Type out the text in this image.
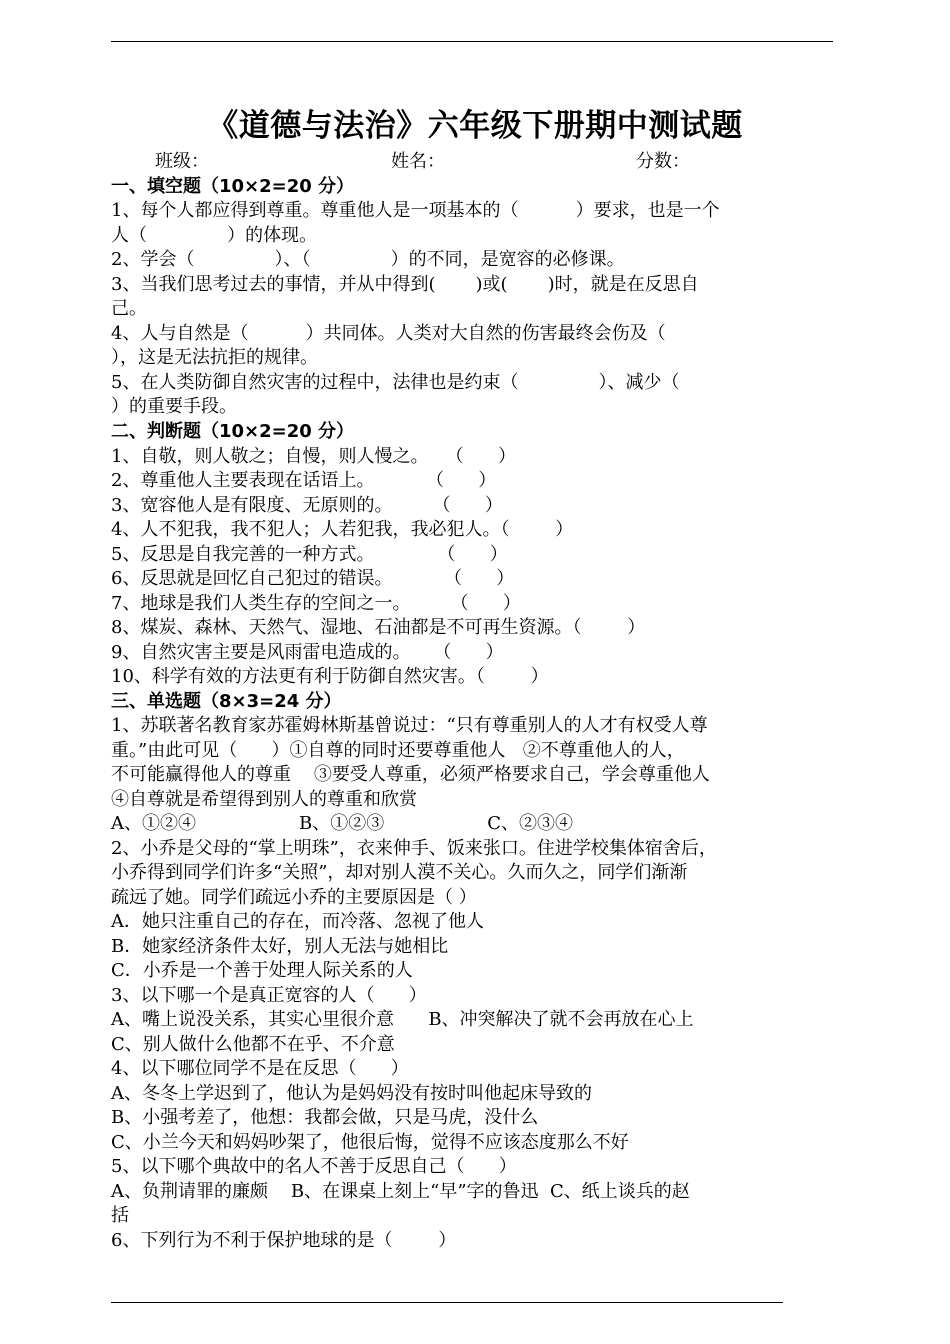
《道德与法治》六年级下册期中测试题
班级：	姓名：	分数：
一、填空题（10×2=20 分）
1、每个人都应得到尊重。尊重他人是一项基本的（          ）要求，也是一个
人（              ）的体现。
2、学会（              ）、（              ）的不同，是宽容的必修课。
3、当我们思考过去的事情，并从中得到(       )或(       )时，就是在反思自
己。
4、人与自然是（          ）共同体。人类对大自然的伤害最终会伤及（
），这是无法抗拒的规律。
5、在人类防御自然灾害的过程中，法律也是约束（              ）、减少（
）的重要手段。
二、判断题（10×2=20 分）
1、自敬，则人敬之；自慢，则人慢之。   （      ）
2、尊重他人主要表现在话语上。         （      ）
3、宽容他人是有限度、无原则的。       （      ）
4、人不犯我，我不犯人；人若犯我，我必犯人。（        ）
5、反思是自我完善的一种方式。           （      ）
6、反思就是回忆自己犯过的错误。         （      ）
7、地球是我们人类生存的空间之一。       （      ）
8、煤炭、森林、天然气、湿地、石油都是不可再生资源。（        ）
9、自然灾害主要是风雨雷电造成的。    （      ）
10、科学有效的方法更有利于防御自然灾害。（        ）
三、单选题（8×3=24 分）
1、苏联著名教育家苏霍姆林斯基曾说过：“只有尊重别人的人才有权受人尊
重。”由此可见（      ）①自尊的同时还要尊重他人   ②不尊重他人的人，
不可能赢得他人的尊重    ③要受人尊重，必须严格要求自己，学会尊重他人
④自尊就是希望得到别人的尊重和欣赏
A、①②④                  B、①②③                  C、②③④
2、小乔是父母的“掌上明珠”，衣来伸手、饭来张口。住进学校集体宿舍后，
小乔得到同学们许多“关照”，却对别人漠不关心。久而久之，同学们渐渐
疏远了她。同学们疏远小乔的主要原因是（ ）
A．她只注重自己的存在，而冷落、忽视了他人
B．她家经济条件太好，别人无法与她相比
C．小乔是一个善于处理人际关系的人
3、以下哪一个是真正宽容的人（      ）
A、嘴上说没关系，其实心里很介意      B、冲突解决了就不会再放在心上
C、别人做什么他都不在乎、不介意
4、以下哪位同学不是在反思（      ）
A、冬冬上学迟到了，他认为是妈妈没有按时叫他起床导致的
B、小强考差了，他想：我都会做，只是马虎，没什么
C、小兰今天和妈妈吵架了，他很后悔，觉得不应该态度那么不好
5、以下哪个典故中的名人不善于反思自己（      ）
A、负荆请罪的廉颇    B、在课桌上刻上“早”字的鲁迅  C、纸上谈兵的赵
括
6、下列行为不利于保护地球的是（        ）
